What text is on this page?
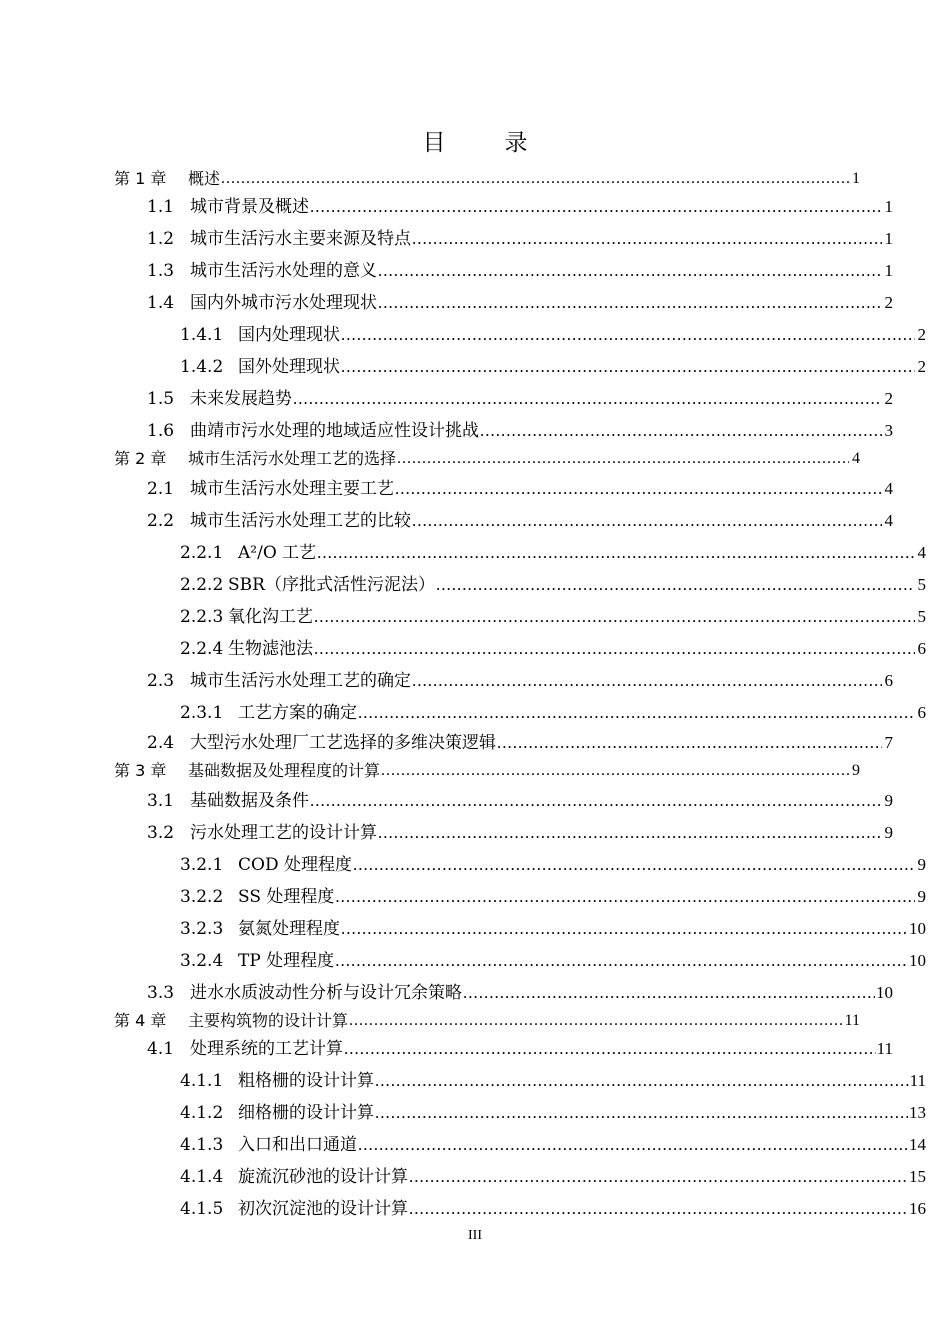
目　录
第 1 章	概述 .....	1
1.1 城市背景及概述 .....	1
1.2 城市生活污水主要来源及特点 .....	1
1.3 城市生活污水处理的意义 .....	1
1.4 国内外城市污水处理现状 .....	2
1.4.1 国内处理现状 .....	2
1.4.2 国外处理现状 .....	2
1.5 未来发展趋势 .....	2
1.6 曲靖市污水处理的地域适应性设计挑战 .....	3
第 2 章	城市生活污水处理工艺的选择 .....	4
2.1 城市生活污水处理主要工艺 .....	4
2.2 城市生活污水处理工艺的比较 .....	4
2.2.1 A²/O 工艺 .....	4
2.2.2 SBR（序批式活性污泥法） .....	5
2.2.3 氧化沟工艺 .....	5
2.2.4 生物滤池法 .....	6
2.3 城市生活污水处理工艺的确定 .....	6
2.3.1 工艺方案的确定 .....	6
2.4 大型污水处理厂工艺选择的多维决策逻辑 .....	7
第 3 章	基础数据及处理程度的计算 .....	9
3.1 基础数据及条件 .....	9
3.2 污水处理工艺的设计计算 .....	9
3.2.1 COD 处理程度 .....	9
3.2.2 SS 处理程度 .....	9
3.2.3 氨氮处理程度 .....	10
3.2.4 TP 处理程度 .....	10
3.3 进水水质波动性分析与设计冗余策略 .....	10
第 4 章	主要构筑物的设计计算 .....	11
4.1 处理系统的工艺计算 .....	11
4.1.1 粗格栅的设计计算 .....	11
4.1.2 细格栅的设计计算 .....	13
4.1.3 入口和出口通道 .....	14
4.1.4 旋流沉砂池的设计计算 .....	15
4.1.5 初次沉淀池的设计计算 .....	16
III
